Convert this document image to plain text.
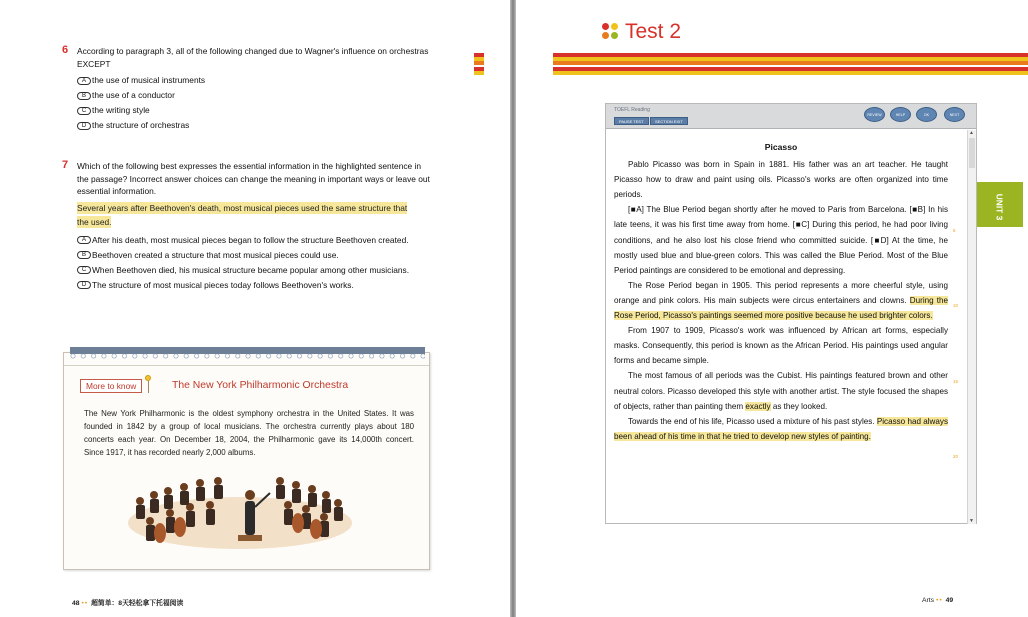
6 According to paragraph 3, all of the following changed due to Wagner's influence on orchestras EXCEPT
A the use of musical instruments
B the use of a conductor
C the writing style
D the structure of orchestras
7 Which of the following best expresses the essential information in the highlighted sentence in the passage? Incorrect answer choices can change the meaning in important ways or leave out essential information.
Several years after Beethoven's death, most musical pieces used the same structure that
the used.
A After his death, most musical pieces began to follow the structure Beethoven created.
B Beethoven created a structure that most musical pieces could use.
C When Beethoven died, his musical structure became popular among other musicians.
D The structure of most musical pieces today follows Beethoven's works.
More to know	The New York Philharmonic Orchestra
The New York Philharmonic is the oldest symphony orchestra in the United States. It was founded in 1842 by a group of local musicians. The orchestra currently plays about 180 concerts each year. On December 18, 2004, the Philharmonic gave its 14,000th concert. Since 1917, it has recorded nearly 2,000 albums.
48 •• 超简单：8天轻松拿下托福阅读
Test 2
UNIT 3
TOEFL Reading
PAUSE TEST	SECTION EXIT
REVIEW	HELP	OK	NEXT
Picasso

Pablo Picasso was born in Spain in 1881. His father was an art teacher. He taught Picasso how to draw and paint using oils. Picasso's works are often organized into time periods.

[■A] The Blue Period began shortly after he moved to Paris from Barcelona. [■B] In his late teens, it was his first time away from home. [■C] During this period, he had poor living conditions, and he also lost his close friend who committed suicide. [■D] At the time, he mostly used blue and blue-green colors. This was called the Blue Period. Most of the Blue Period paintings are considered to be emotional and depressing.

The Rose Period began in 1905. This period represents a more cheerful style, using orange and pink colors. His main subjects were circus entertainers and clowns. During the Rose Period, Picasso's paintings seemed more positive because he used brighter colors.

From 1907 to 1909, Picasso's work was influenced by African art forms, especially masks. Consequently, this period is known as the African Period. His paintings used angular forms and became simple.

The most famous of all periods was the Cubist. His paintings featured brown and other neutral colors. Picasso developed this style with another artist. The style focused the shapes of objects, rather than painting them exactly as they looked.

Towards the end of his life, Picasso used a mixture of his past styles. Picasso had always been ahead of his time in that he tried to develop new styles of painting.

5
10
15
20
▲
▼
Arts •• 49
